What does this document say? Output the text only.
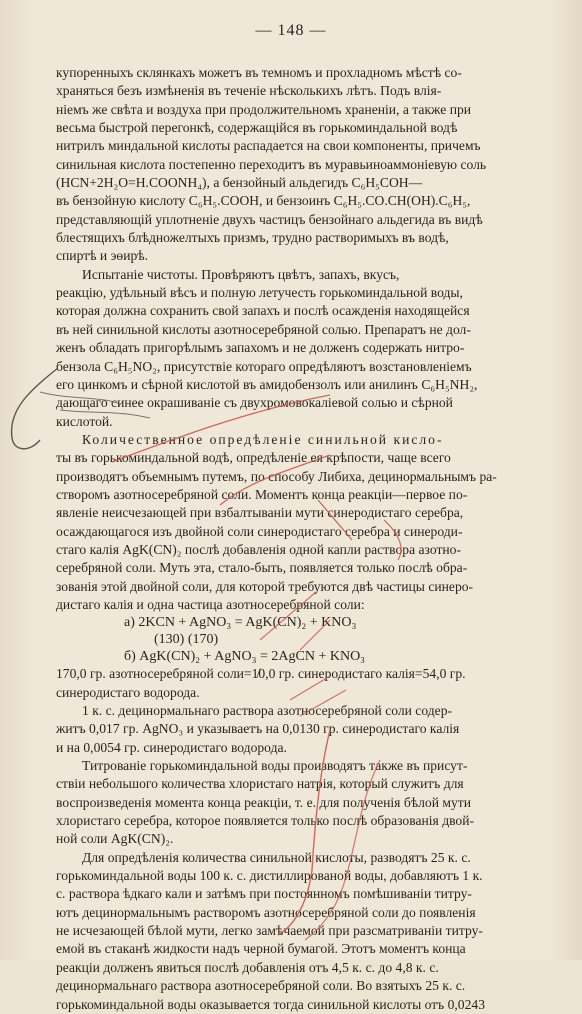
— 148 —

купоренныхъ склянкахъ можетъ въ темномъ и прохладномъ мѣстѣ со-

храняться безъ измѣненія въ теченіе нѣсколькихъ лѣтъ. Подъ влія-

ніемъ же свѣта и воздуха при продолжительномъ храненіи, а также при

весьма быстрой перегонкѣ, содержащійся въ горькоминдальной водѣ

нитрилъ миндальной кислоты распадается на свои компоненты, причемъ

синильная кислота постепенно переходитъ въ муравьиноаммоніевую соль

(HCN+2H₂O=H.COONH₄), а бензойный альдегидъ C₆H₅COH—

въ бензойную кислоту C₆H₅.COOH, и бензоинъ C₆H₅.CO.CH(OH).C₆H₅,

представляющій уплотненіе двухъ частицъ бензойнаго альдегида въ видѣ

блестящихъ блѣдножелтыхъ призмъ, трудно растворимыхъ въ водѣ,

спиртѣ и эѳирѣ.

Испытаніе чистоты. Провѣряютъ цвѣтъ, запахъ, вкусъ,

реакцію, удѣльный вѣсъ и полную летучесть горькоминдальной воды,

которая должна сохранить свой запахъ и послѣ осажденія находящейся

въ ней синильной кислоты азотносеребряной солью. Препаратъ не дол-

женъ обладать пригорѣлымъ запахомъ и не долженъ содержать нитро-

бензола C₆H₅NO₂, присутствіе котораго опредѣляютъ возстановленіемъ

его цинкомъ и сѣрной кислотой въ амидобензолъ или анилинъ C₆H₅NH₂,

дающаго синее окрашиваніе съ двухромовокаліевой солью и сѣрной

кислотой.

Количественное опредѣленіе синильной кисло-

ты въ горькоминдальной водѣ, опредѣленіе ея крѣпости, чаще всего

производятъ объемнымъ путемъ, по способу Либиха, децинормальнымъ ра-

створомъ азотносеребряной соли. Моментъ конца реакціи—первое по-

явленіе неисчезающей при взбалтываніи мути синеродистаго серебра,

осаждающагося изъ двойной соли синеродистаго серебра и синероди-

стаго калія AgK(CN)₂ послѣ добавленія одной капли раствора азотно-

серебряной соли. Муть эта, стало-быть, появляется только послѣ обра-

зованія этой двойной соли, для которой требуются двѣ частицы синеро-

дистаго калія и одна частица азотносеребряной соли:

а) 2KCN + AgNO₃ = AgK(CN)₂ + KNO₃

(130) (170)

б) AgK(CN)₂ + AgNO₃ = 2AgCN + KNO₃

170,0 гр. азотносеребряной соли=1̸0,0 гр. синеродистаго калія=54,0 гр.

синеродистаго водорода.

1 к. с. децинормальнаго раствора азотносеребряной соли содер-

житъ 0,017 гр. AgNO₃ и указываетъ на 0,0130 гр. синеродистаго калія

и на 0,0054 гр. синеродистаго водорода.

Титрованіе горькоминдальной воды производятъ также въ присут-

ствіи небольшого количества хлористаго натрія, который служитъ для

воспроизведенія момента конца реакціи, т. е. для полученія бѣлой мути

хлористаго серебра, которое появляется только послѣ образованія двой-

ной соли AgK(CN)₂.

Для опредѣленія количества синильной кислоты, разводятъ 25 к. с.

горькоминдальной воды 100 к. с. дистиллированой воды, добавляютъ 1 к.

с. раствора ѣдкаго кали и затѣмъ при постоянномъ помѣшиваніи титру-

ютъ децинормальнымъ растворомъ азотносеребряной соли до появленія

не исчезающей бѣлой мути, легко замѣчаемой при разсматриваніи титру-

емой въ стаканѣ жидкости надъ черной бумагой. Этотъ моментъ конца

реакціи долженъ явиться послѣ добавленія отъ 4,5 к. с. до 4,8 к. с.

децинормальнаго раствора азотносеребряной соли. Во взятыхъ 25 к. с.

горькоминдальной воды оказывается тогда синильной кислоты отъ 0,0243
